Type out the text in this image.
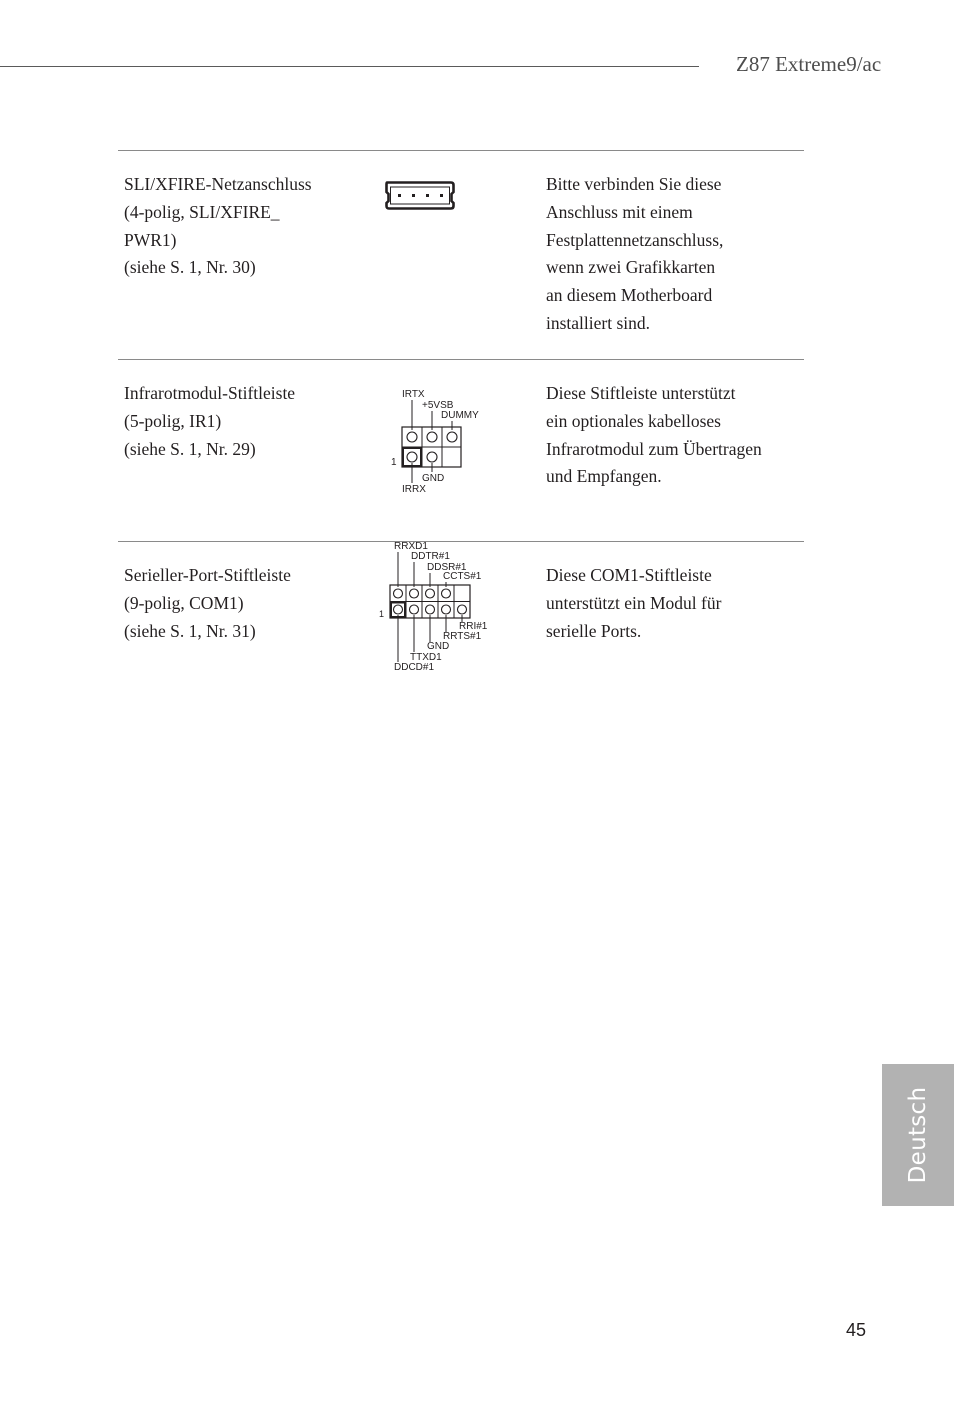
Z87 Extreme9/ac
SLI/XFIRE-Netzanschluss
(4-polig, SLI/XFIRE_
PWR1)
(siehe S. 1, Nr. 30)
Bitte verbinden Sie diese
Anschluss mit einem
Festplattennetzanschluss,
wenn zwei Grafikkarten
an diesem Motherboard
installiert sind.
Infrarotmodul-Stiftleiste
(5-polig, IR1)
(siehe S. 1, Nr. 29)
IRTX
+5VSB
DUMMY
1
GND
IRRX
Diese Stiftleiste unterstützt
ein optionales kabelloses
Infrarotmodul zum Übertragen
und Empfangen.
Serieller-Port-Stiftleiste
(9-polig, COM1)
(siehe S. 1, Nr. 31)
RRXD1
DDTR#1
DDSR#1
CCTS#1
1
RRI#1
RRTS#1
GND
TTXD1
DDCD#1
Diese COM1-Stiftleiste
unterstützt ein Modul für
serielle Ports.
Deutsch
45
